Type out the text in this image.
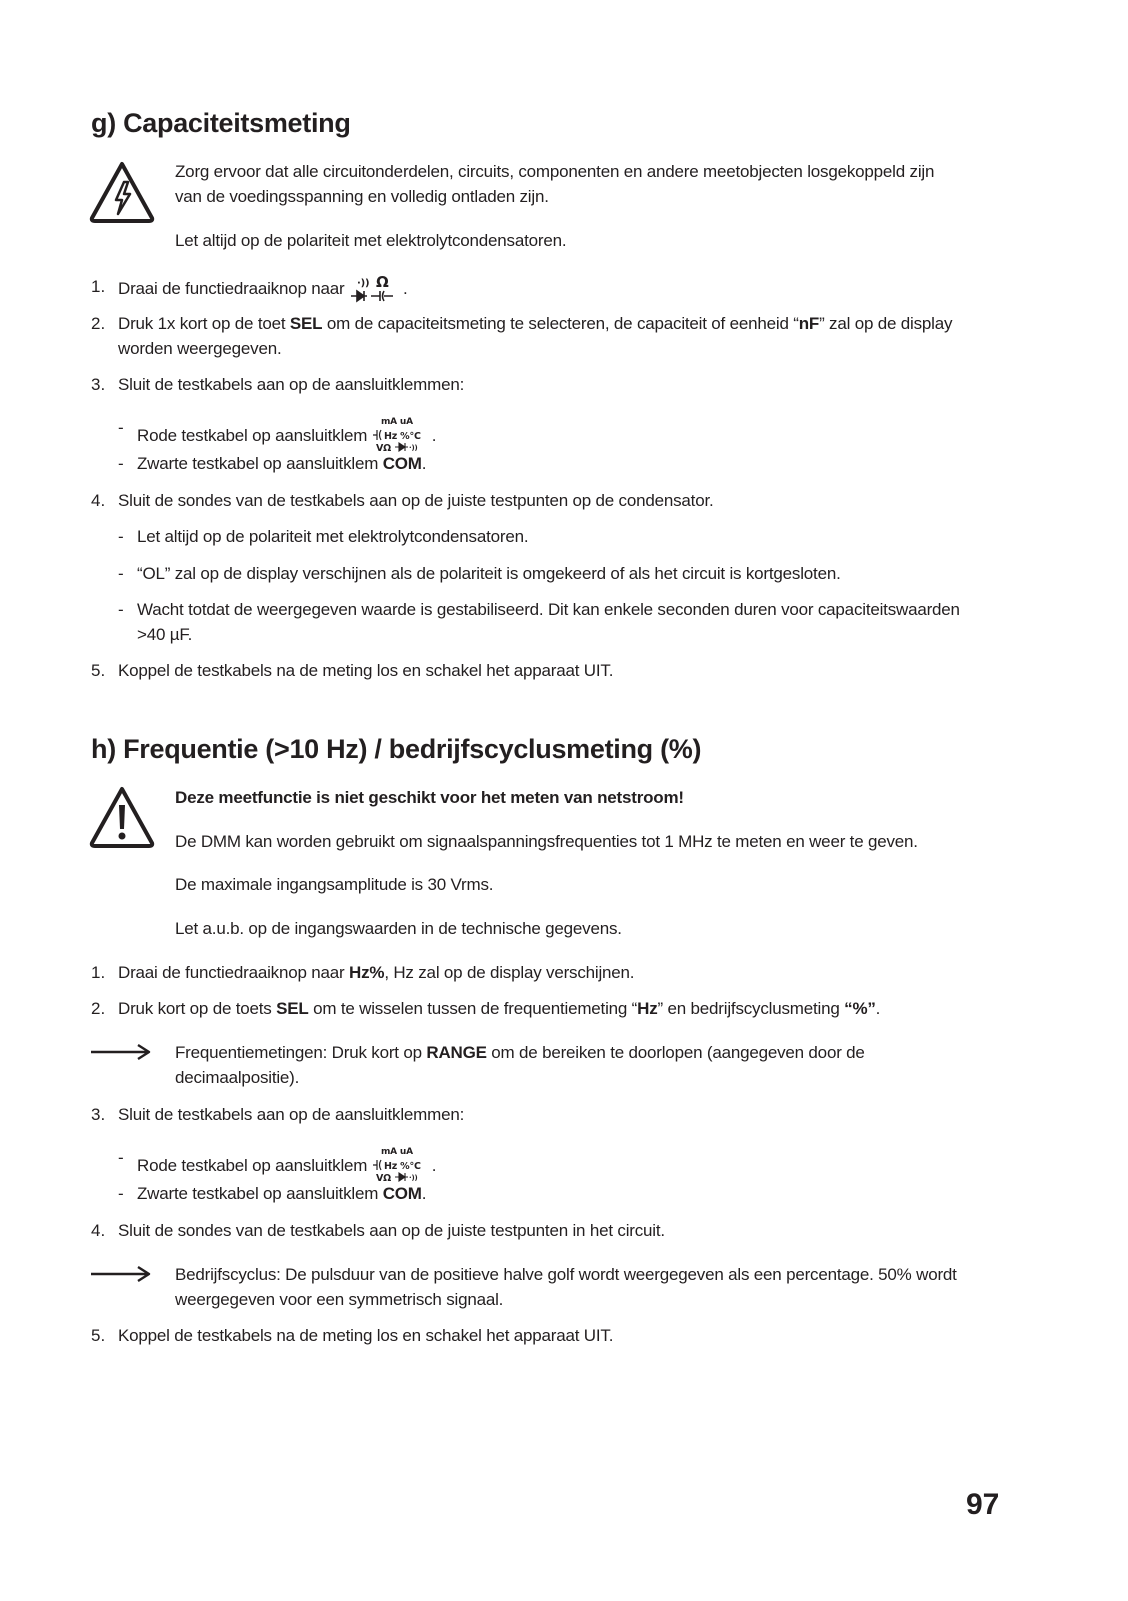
g) Capaciteitsmeting
Zorg ervoor dat alle circuitonderdelen, circuits, componenten en andere meetobjecten losgekoppeld zijn
van de voedingsspanning en volledig ontladen zijn.
Let altijd op de polariteit met elektrolytcondensatoren.
1. Draai de functiedraaiknop naar ·)) Ω .
2. Druk 1x kort op de toet SEL om de capaciteitsmeting te selecteren, de capaciteit of eenheid “nF” zal op de display
worden weergegeven.
3. Sluit de testkabels aan op de aansluitklemmen:
- Rode testkabel op aansluitklem
mA uA
Hz %°C
VΩ	·))
.
- Zwarte testkabel op aansluitklem COM.
4. Sluit de sondes van de testkabels aan op de juiste testpunten op de condensator.
- Let altijd op de polariteit met elektrolytcondensatoren.
- “OL” zal op de display verschijnen als de polariteit is omgekeerd of als het circuit is kortgesloten.
- Wacht totdat de weergegeven waarde is gestabiliseerd. Dit kan enkele seconden duren voor capaciteitswaarden
>40 µF.
5. Koppel de testkabels na de meting los en schakel het apparaat UIT.
h) Frequentie (>10 Hz) / bedrijfscyclusmeting (%)
Deze meetfunctie is niet geschikt voor het meten van netstroom!
De DMM kan worden gebruikt om signaalspanningsfrequenties tot 1 MHz te meten en weer te geven.
De maximale ingangsamplitude is 30 Vrms.
Let a.u.b. op de ingangswaarden in de technische gegevens.
1. Draai de functiedraaiknop naar Hz%, Hz zal op de display verschijnen.
2. Druk kort op de toets SEL om te wisselen tussen de frequentiemeting “Hz” en bedrijfscyclusmeting “%”.
Frequentiemetingen: Druk kort op RANGE om de bereiken te doorlopen (aangegeven door de
decimaalpositie).
3. Sluit de testkabels aan op de aansluitklemmen:
- Rode testkabel op aansluitklem
mA uA
Hz %°C
VΩ	·))
.
- Zwarte testkabel op aansluitklem COM.
4. Sluit de sondes van de testkabels aan op de juiste testpunten in het circuit.
Bedrijfscyclus: De pulsduur van de positieve halve golf wordt weergegeven als een percentage. 50% wordt
weergegeven voor een symmetrisch signaal.
5. Koppel de testkabels na de meting los en schakel het apparaat UIT.
97
